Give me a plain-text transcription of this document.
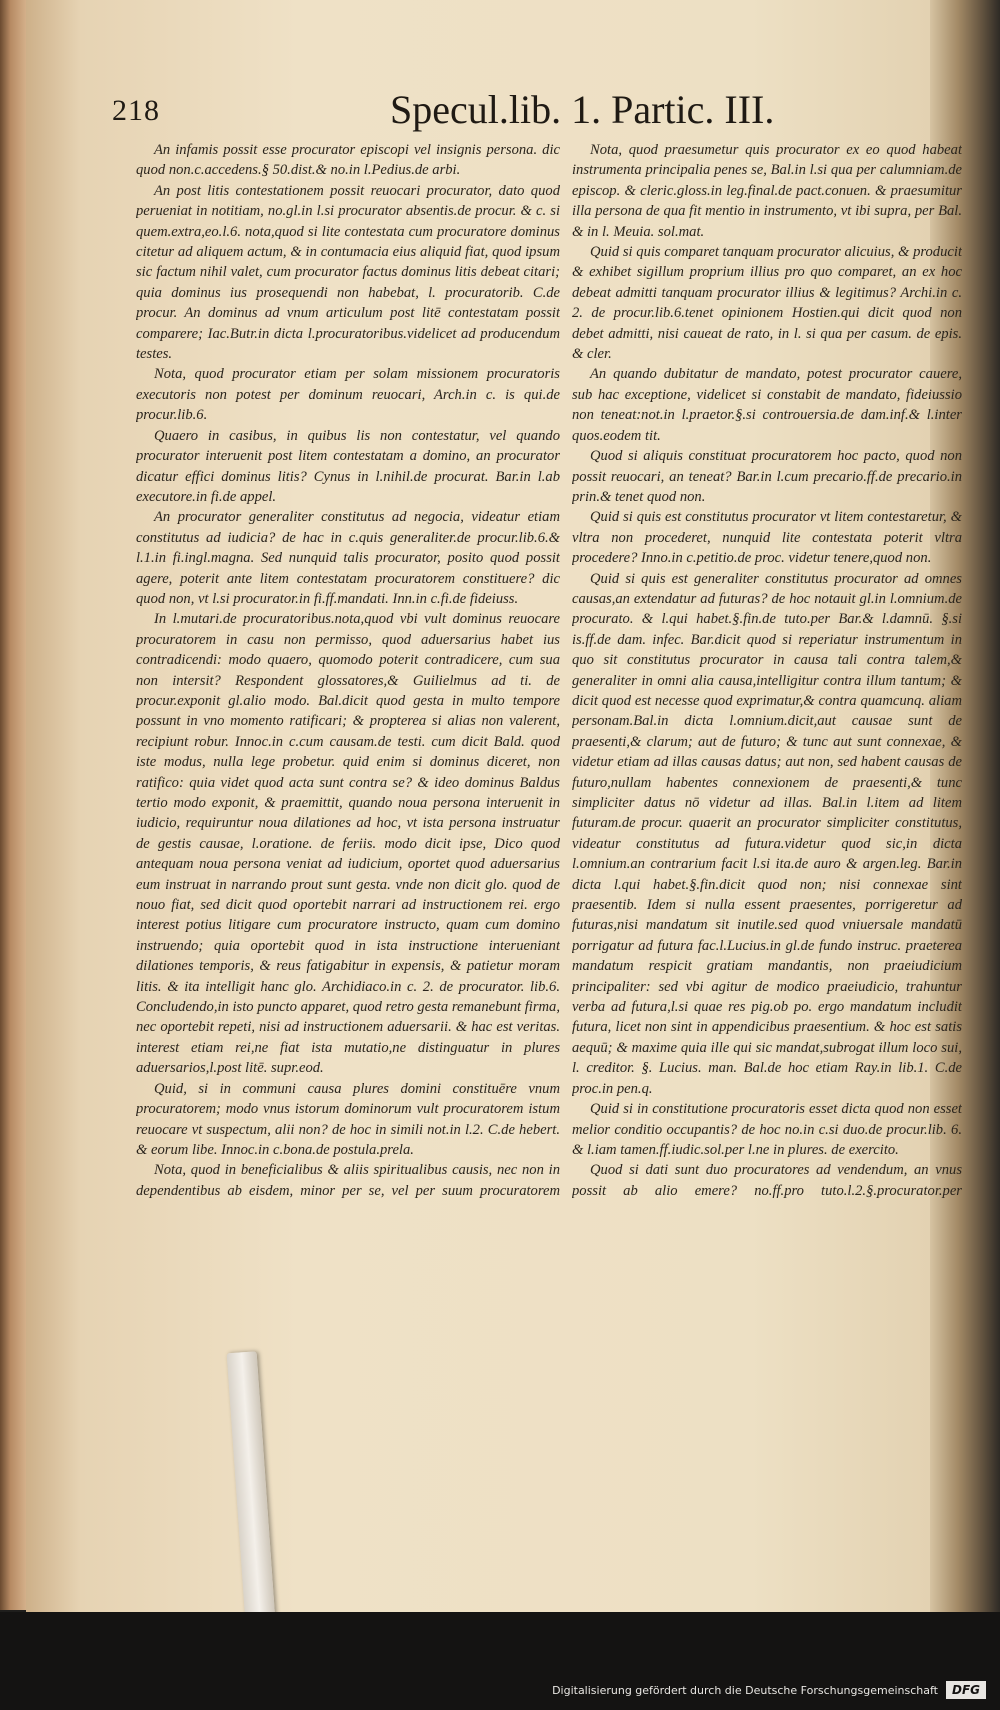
218	Specul.lib. 1. Partic. III.

An infamis possit esse procurator episcopi vel insignis persona. dic quod non.c.accedens.§ 50.dist.& no.in l.Pedius.de arbi.

An post litis contestationem possit reuocari procurator, dato quod perueniat in notitiam, no.gl.in l.si procurator absentis.de procur. & c. si quem.extra,eo.l.6. nota,quod si lite contestata cum procuratore dominus citetur ad aliquem actum, & in contumacia eius aliquid fiat, quod ipsum sic factum nihil valet, cum procurator factus dominus litis debeat citari; quia dominus ius prosequendi non habebat, l. procuratorib. C.de procur. An dominus ad vnum articulum post litē contestatam possit comparere; Iac.Butr.in dicta l.procuratoribus.videlicet ad producendum testes.

Nota, quod procurator etiam per solam missionem procuratoris executoris non potest per dominum reuocari, Arch.in c. is qui.de procur.lib.6.

Quaero in casibus, in quibus lis non contestatur, vel quando procurator interuenit post litem contestatam a domino, an procurator dicatur effici dominus litis? Cynus in l.nihil.de procurat. Bar.in l.ab executore.in fi.de appel.

An procurator generaliter constitutus ad negocia, videatur etiam constitutus ad iudicia? de hac in c.quis generaliter.de procur.lib.6.& l.1.in fi.ingl.magna. Sed nunquid talis procurator, posito quod possit agere, poterit ante litem contestatam procuratorem constituere? dic quod non, vt l.si procurator.in fi.ff.mandati. Inn.in c.fi.de fideiuss.

In l.mutari.de procuratoribus.nota,quod vbi vult dominus reuocare procuratorem in casu non permisso, quod aduersarius habet ius contradicendi: modo quaero, quomodo poterit contradicere, cum sua non intersit? Respondent glossatores,& Guilielmus ad ti. de procur.exponit gl.alio modo. Bal.dicit quod gesta in multo tempore possunt in vno momento ratificari; & propterea si alias non valerent, recipiunt robur. Innoc.in c.cum causam.de testi. cum dicit Bald. quod iste modus, nulla lege probetur. quid enim si dominus diceret, non ratifico: quia videt quod acta sunt contra se? & ideo dominus Baldus tertio modo exponit, & praemittit, quando noua persona interuenit in iudicio, requiruntur noua dilationes ad hoc, vt ista persona instruatur de gestis causae, l.oratione. de feriis. modo dicit ipse, Dico quod antequam noua persona veniat ad iudicium, oportet quod aduersarius eum instruat in narrando prout sunt gesta. vnde non dicit glo. quod de nouo fiat, sed dicit quod oportebit narrari ad instructionem rei. ergo interest potius litigare cum procuratore instructo, quam cum domino instruendo; quia oportebit quod in ista instructione interueniant dilationes temporis, & reus fatigabitur in expensis, & patietur moram litis. & ita intelligit hanc glo. Archidiaco.in c. 2. de procurator. lib.6. Concludendo,in isto puncto apparet, quod retro gesta remanebunt firma, nec oportebit repeti, nisi ad instructionem aduersarii. & hac est veritas. interest etiam rei,ne fiat ista mutatio,ne distinguatur in plures aduersarios,l.post litē. supr.eod.

Quid, si in communi causa plures domini constituēre vnum procuratorem; modo vnus istorum dominorum vult procuratorem istum reuocare vt suspectum, alii non? de hoc in simili not.in l.2. C.de hebert. & eorum libe. Innoc.in c.bona.de postula.prela.

Nota, quod in beneficialibus & aliis spiritualibus causis, nec non in dependentibus ab eisdem, minor per se, vel per suum procuratorem

Nota, quod praesumetur quis procurator ex eo quod habeat instrumenta principalia penes se, Bal.in l.si qua per calumniam.de episcop. & cleric.gloss.in leg.final.de pact.conuen. & praesumitur illa persona de qua fit mentio in instrumento, vt ibi supra, per Bal. & in l. Meuia. sol.mat.

Quid si quis comparet tanquam procurator alicuius, & producit & exhibet sigillum proprium illius pro quo comparet, an ex hoc debeat admitti tanquam procurator illius & legitimus? Archi.in c. 2. de procur.lib.6.tenet opinionem Hostien.qui dicit quod non debet admitti, nisi caueat de rato, in l. si qua per casum. de epis. & cler.

An quando dubitatur de mandato, potest procurator cauere, sub hac exceptione, videlicet si constabit de mandato, fideiussio non teneat:not.in l.praetor.§.si controuersia.de dam.inf.& l.inter quos.eodem tit.

Quod si aliquis constituat procuratorem hoc pacto, quod non possit reuocari, an teneat? Bar.in l.cum precario.ff.de precario.in prin.& tenet quod non.

Quid si quis est constitutus procurator vt litem contestaretur, & vltra non procederet, nunquid lite contestata poterit vltra procedere? Inno.in c.petitio.de proc. videtur tenere,quod non.

Quid si quis est generaliter constitutus procurator ad omnes causas,an extendatur ad futuras? de hoc notauit gl.in l.omnium.de procurato. & l.qui habet.§.fin.de tuto.per Bar.& l.damnū. §.si is.ff.de dam. infec. Bar.dicit quod si reperiatur instrumentum in quo sit constitutus procurator in causa tali contra talem,& generaliter in omni alia causa,intelligitur contra illum tantum; & dicit quod est necesse quod exprimatur,& contra quamcunq. aliam personam.Bal.in dicta l.omnium.dicit,aut causae sunt de praesenti,& clarum; aut de futuro; & tunc aut sunt connexae, & videtur etiam ad illas causas datus; aut non, sed habent causas de futuro,nullam habentes connexionem de praesenti,& tunc simpliciter datus nō videtur ad illas. Bal.in l.item ad litem futuram.de procur. quaerit an procurator simpliciter constitutus, videatur constitutus ad futura.videtur quod sic,in dicta l.omnium.an contrarium facit l.si ita.de auro & argen.leg. Bar.in dicta l.qui habet.§.fin.dicit quod non; nisi connexae sint praesentib. Idem si nulla essent praesentes, porrigeretur ad futuras,nisi mandatum sit inutile.sed quod vniuersale mandatū porrigatur ad futura fac.l.Lucius.in gl.de fundo instruc. praeterea mandatum respicit gratiam mandantis, non praeiudicium principaliter: sed vbi agitur de modico praeiudicio, trahuntur verba ad futura,l.si quae res pig.ob po. ergo mandatum includit futura, licet non sint in appendicibus praesentium. & hoc est satis aequū; & maxime quia ille qui sic mandat,subrogat illum loco sui, l. creditor. §. Lucius. man. Bal.de hoc etiam Ray.in lib.1. C.de proc.in pen.q.

Quid si in constitutione procuratoris esset dicta quod non esset melior conditio occupantis? de hoc no.in c.si duo.de procur.lib. 6. & l.iam tamen.ff.iudic.sol.per l.ne in plures. de exercito.

Quod si dati sunt duo procuratores ad vendendum, an vnus possit ab alio emere? no.ff.pro tuto.l.2.§.procurator.per

Digitalisierung gefördert durch die Deutsche Forschungsgemeinschaft	DFG
